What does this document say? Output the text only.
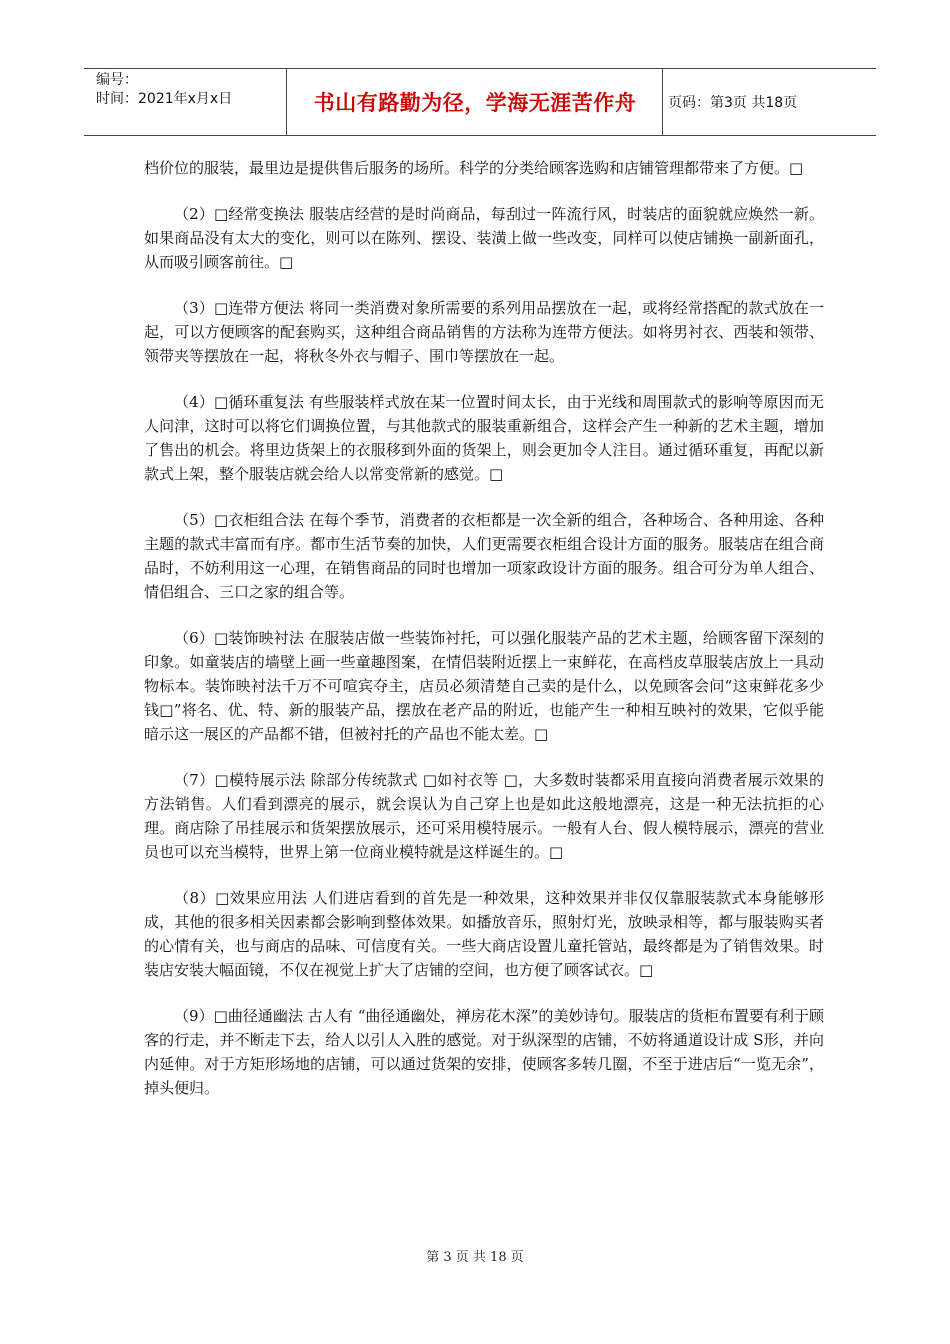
编号：
时间：2021年x月x日	书山有路勤为径，学海无涯苦作舟	页码：第3页 共18页

档价位的服装，最里边是提供售后服务的场所。科学的分类给顾客选购和店铺管理都带来了方便。□

（2）□经常变换法 服装店经营的是时尚商品，每刮过一阵流行风，时装店的面貌就应焕然一新。如果商品没有太大的变化，则可以在陈列、摆设、装潢上做一些改变，同样可以使店铺换一副新面孔，从而吸引顾客前往。□

（3）□连带方便法 将同一类消费对象所需要的系列用品摆放在一起，或将经常搭配的款式放在一起，可以方便顾客的配套购买，这种组合商品销售的方法称为连带方便法。如将男衬衣、西装和领带、领带夹等摆放在一起，将秋冬外衣与帽子、围巾等摆放在一起。

（4）□循环重复法 有些服装样式放在某一位置时间太长，由于光线和周围款式的影响等原因而无人问津，这时可以将它们调换位置，与其他款式的服装重新组合，这样会产生一种新的艺术主题，增加了售出的机会。将里边货架上的衣服移到外面的货架上，则会更加令人注目。通过循环重复，再配以新款式上架，整个服装店就会给人以常变常新的感觉。□

（5）□衣柜组合法 在每个季节，消费者的衣柜都是一次全新的组合，各种场合、各种用途、各种主题的款式丰富而有序。都市生活节奏的加快，人们更需要衣柜组合设计方面的服务。服装店在组合商品时，不妨利用这一心理，在销售商品的同时也增加一项家政设计方面的服务。组合可分为单人组合、情侣组合、三口之家的组合等。

（6）□装饰映衬法 在服装店做一些装饰衬托，可以强化服装产品的艺术主题，给顾客留下深刻的印象。如童装店的墙壁上画一些童趣图案，在情侣装附近摆上一束鲜花，在高档皮草服装店放上一具动物标本。装饰映衬法千万不可喧宾夺主，店员必须清楚自己卖的是什么，以免顾客会问“这束鲜花多少钱□”将名、优、特、新的服装产品，摆放在老产品的附近，也能产生一种相互映衬的效果，它似乎能暗示这一展区的产品都不错，但被衬托的产品也不能太差。□

（7）□模特展示法 除部分传统款式 □如衬衣等 □，大多数时装都采用直接向消费者展示效果的方法销售。人们看到漂亮的展示，就会误认为自己穿上也是如此这般地漂亮，这是一种无法抗拒的心理。商店除了吊挂展示和货架摆放展示，还可采用模特展示。一般有人台、假人模特展示，漂亮的营业员也可以充当模特，世界上第一位商业模特就是这样诞生的。□

（8）□效果应用法 人们进店看到的首先是一种效果，这种效果并非仅仅靠服装款式本身能够形成，其他的很多相关因素都会影响到整体效果。如播放音乐，照射灯光，放映录相等，都与服装购买者的心情有关，也与商店的品味、可信度有关。一些大商店设置儿童托管站，最终都是为了销售效果。时装店安装大幅面镜，不仅在视觉上扩大了店铺的空间，也方便了顾客试衣。□

（9）□曲径通幽法 古人有 “曲径通幽处，禅房花木深”的美妙诗句。服装店的货柜布置要有利于顾客的行走，并不断走下去，给人以引人入胜的感觉。对于纵深型的店铺，不妨将通道设计成 S形，并向内延伸。对于方矩形场地的店铺，可以通过货架的安排，使顾客多转几圈，不至于进店后“一览无余”，掉头便归。

第 3 页 共 18 页
